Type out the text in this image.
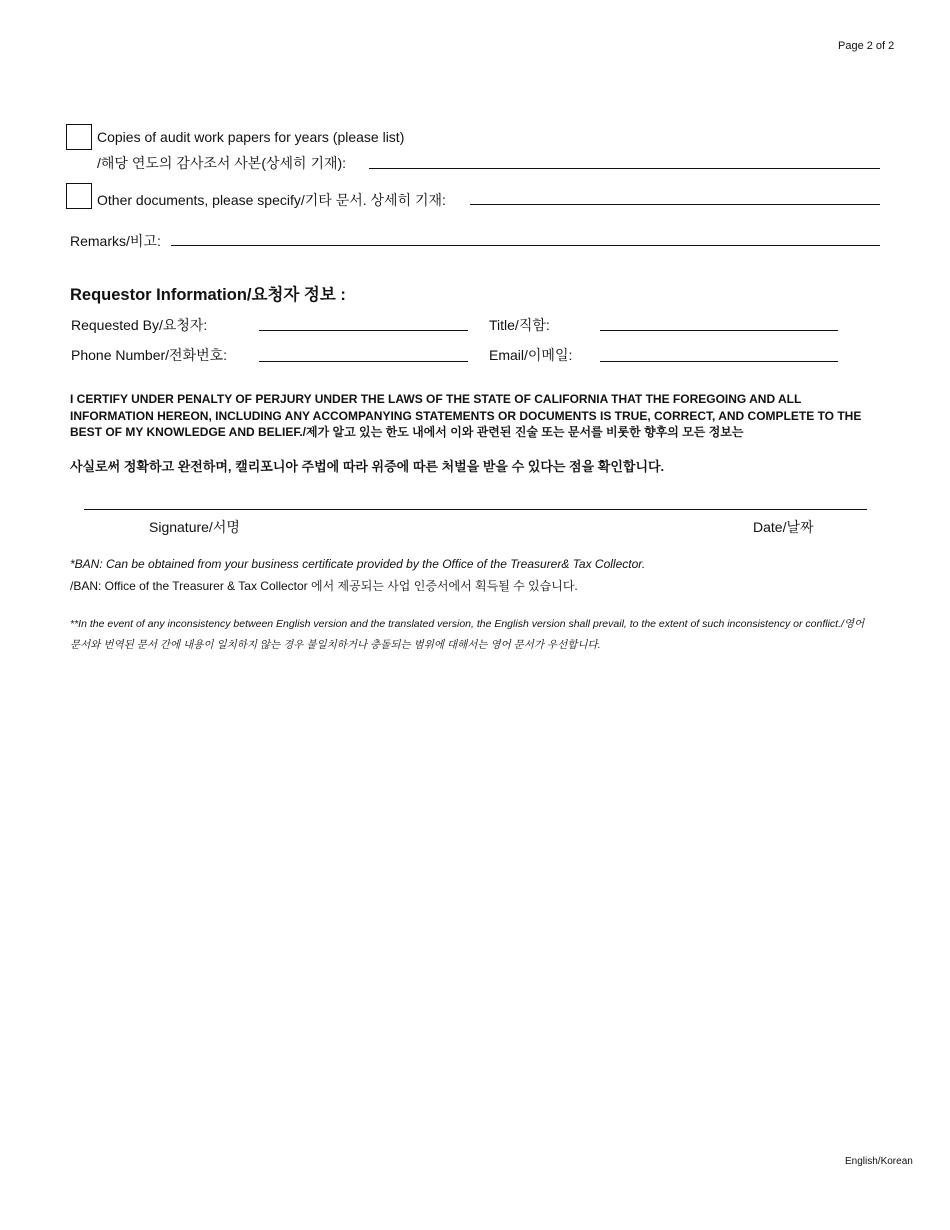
Page 2 of 2
Copies of audit work papers for years (please list)
/해당 연도의 감사조서 사본(상세히 기재):
Other documents, please specify/기타 문서. 상세히 기재:
Remarks/비고:
Requestor Information/요청자 정보 :
Requested By/요청자:	Title/직함:
Phone Number/전화번호:	Email/이메일:
I CERTIFY UNDER PENALTY OF PERJURY UNDER THE LAWS OF THE STATE OF CALIFORNIA THAT THE FOREGOING AND ALL INFORMATION HEREON, INCLUDING ANY ACCOMPANYING STATEMENTS OR DOCUMENTS IS TRUE, CORRECT, AND COMPLETE TO THE BEST OF MY KNOWLEDGE AND BELIEF./제가 알고 있는 한도 내에서 이와 관련된 진술 또는 문서를 비롯한 향후의 모든 정보는
사실로써 정확하고 완전하며, 캘리포니아 주법에 따라 위증에 따른 처벌을 받을 수 있다는 점을 확인합니다.
Signature/서명	Date/날짜
*BAN: Can be obtained from your business certificate provided by the Office of the Treasurer& Tax Collector.
/BAN: Office of the Treasurer & Tax Collector 에서 제공되는 사업 인증서에서 획득될 수 있습니다.
**In the event of any inconsistency between English version and the translated version, the English version shall prevail, to the extent of such inconsistency or conflict./영어
문서와 번역된 문서 간에 내용이 일치하지 않는 경우 불일치하거나 충돌되는 범위에 대해서는 영어 문서가 우선합니다.
English/Korean
